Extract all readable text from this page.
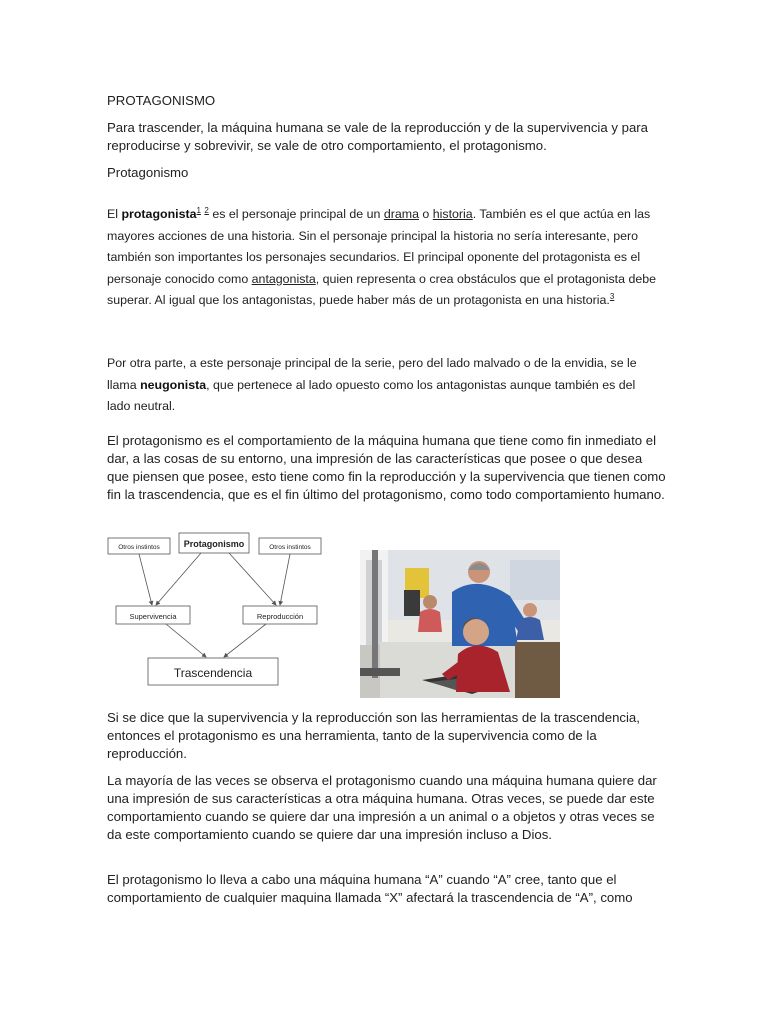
PROTAGONISMO

Para trascender, la máquina humana se vale de la reproducción y de la supervivencia y para reproducirse y sobrevivir, se vale de otro comportamiento, el protagonismo.

Protagonismo

El protagonista$^1$ $^2$ es el personaje principal de un drama o historia. También es el que actúa en las mayores acciones de una historia. Sin el personaje principal la historia no sería interesante, pero también son importantes los personajes secundarios. El principal oponente del protagonista es el personaje conocido como antagonista, quien representa o crea obstáculos que el protagonista debe superar. Al igual que los antagonistas, puede haber más de un protagonista en una historia.$^3$

Por otra parte, a este personaje principal de la serie, pero del lado malvado o de la envidia, se le llama neugonista, que pertenece al lado opuesto como los antagonistas aunque también es del lado neutral.

El protagonismo es el comportamiento de la máquina humana que tiene como fin inmediato el dar, a las cosas de su entorno, una impresión de las características que posee o que desea que piensen que posee, esto tiene como fin la reproducción y la supervivencia que tienen como fin la trascendencia, que es el fin último del protagonismo, como todo comportamiento humano.

Otros instintos	Protagonismo	Otros instintos
Supervivencia	Reproducción
Trascendencia

Si se dice que la supervivencia y la reproducción son las herramientas de la trascendencia, entonces el protagonismo es una herramienta, tanto de la supervivencia como de la reproducción.

La mayoría de las veces se observa el protagonismo cuando una máquina humana quiere dar una impresión de sus características a otra máquina humana. Otras veces, se puede dar este comportamiento cuando se quiere dar una impresión a un animal o a objetos y otras veces se da este comportamiento cuando se quiere dar una impresión incluso a Dios.

El protagonismo lo lleva a cabo una máquina humana “A” cuando “A” cree, tanto que el comportamiento de cualquier maquina llamada “X” afectará la trascendencia de “A”, como
